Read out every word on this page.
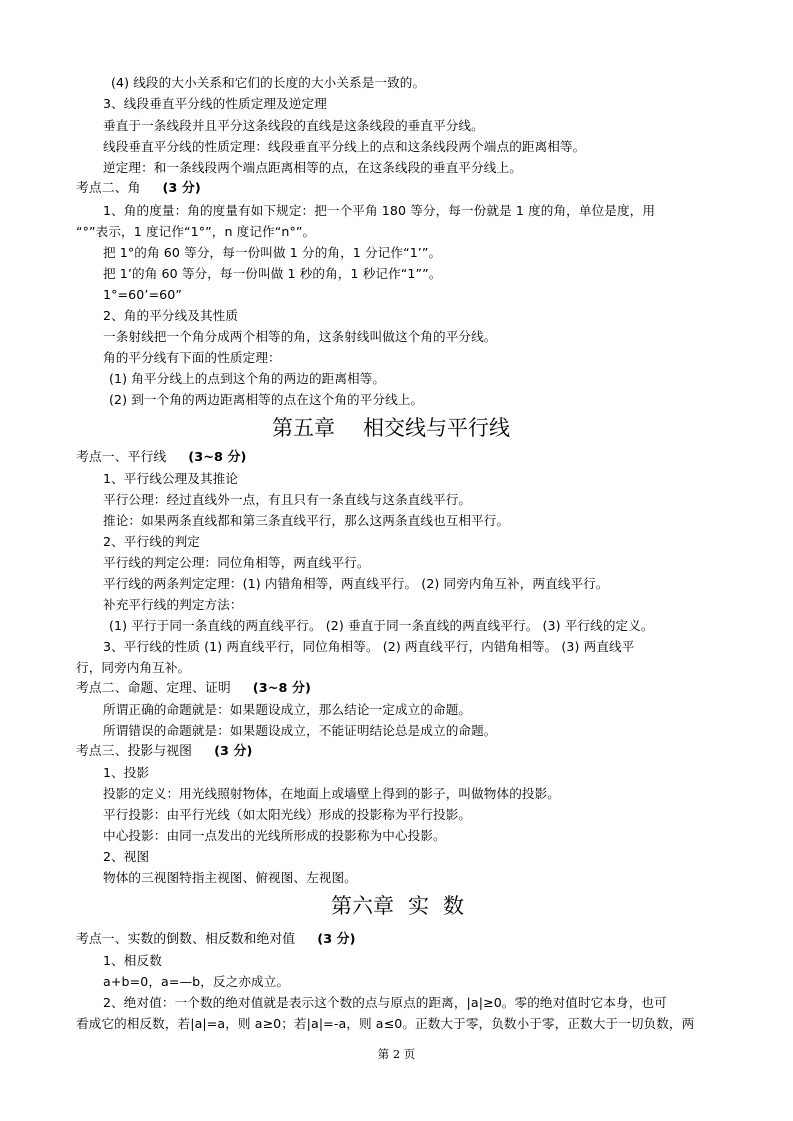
(4) 线段的大小关系和它们的长度的大小关系是一致的。
3、线段垂直平分线的性质定理及逆定理
垂直于一条线段并且平分这条线段的直线是这条线段的垂直平分线。
线段垂直平分线的性质定理：线段垂直平分线上的点和这条线段两个端点的距离相等。
逆定理：和一条线段两个端点距离相等的点，在这条线段的垂直平分线上。
考点二、角 (3 分)
1、角的度量：角的度量有如下规定：把一个平角 180 等分，每一份就是 1 度的角，单位是度，用
“°”表示，1 度记作“1°”，n 度记作“n°”。
把 1°的角 60 等分，每一份叫做 1 分的角，1 分记作“1’”。
把 1’的角 60 等分，每一份叫做 1 秒的角，1 秒记作“1””。
1°=60’=60”
2、角的平分线及其性质
一条射线把一个角分成两个相等的角，这条射线叫做这个角的平分线。
角的平分线有下面的性质定理：
(1) 角平分线上的点到这个角的两边的距离相等。
(2) 到一个角的两边距离相等的点在这个角的平分线上。
第五章 相交线与平行线
考点一、平行线 (3~8 分)
1、平行线公理及其推论
平行公理：经过直线外一点，有且只有一条直线与这条直线平行。
推论：如果两条直线都和第三条直线平行，那么这两条直线也互相平行。
2、平行线的判定
平行线的判定公理：同位角相等，两直线平行。
平行线的两条判定定理：(1) 内错角相等，两直线平行。 (2) 同旁内角互补，两直线平行。
补充平行线的判定方法：
(1) 平行于同一条直线的两直线平行。 (2) 垂直于同一条直线的两直线平行。 (3) 平行线的定义。
3、平行线的性质 (1) 两直线平行，同位角相等。 (2) 两直线平行，内错角相等。 (3) 两直线平
行，同旁内角互补。
考点二、命题、定理、证明 (3~8 分)
所谓正确的命题就是：如果题设成立，那么结论一定成立的命题。
所谓错误的命题就是：如果题设成立，不能证明结论总是成立的命题。
考点三、投影与视图 (3 分)
1、投影
投影的定义：用光线照射物体，在地面上或墙壁上得到的影子，叫做物体的投影。
平行投影：由平行光线（如太阳光线）形成的投影称为平行投影。
中心投影：由同一点发出的光线所形成的投影称为中心投影。
2、视图
物体的三视图特指主视图、俯视图、左视图。
第六章 实 数
考点一、实数的倒数、相反数和绝对值 (3 分)
1、相反数
a+b=0，a=—b，反之亦成立。
2、绝对值：一个数的绝对值就是表示这个数的点与原点的距离，|a|≥0。零的绝对值时它本身，也可
看成它的相反数，若|a|=a，则 a≥0；若|a|=-a，则 a≤0。正数大于零，负数小于零，正数大于一切负数，两
第 2 页
